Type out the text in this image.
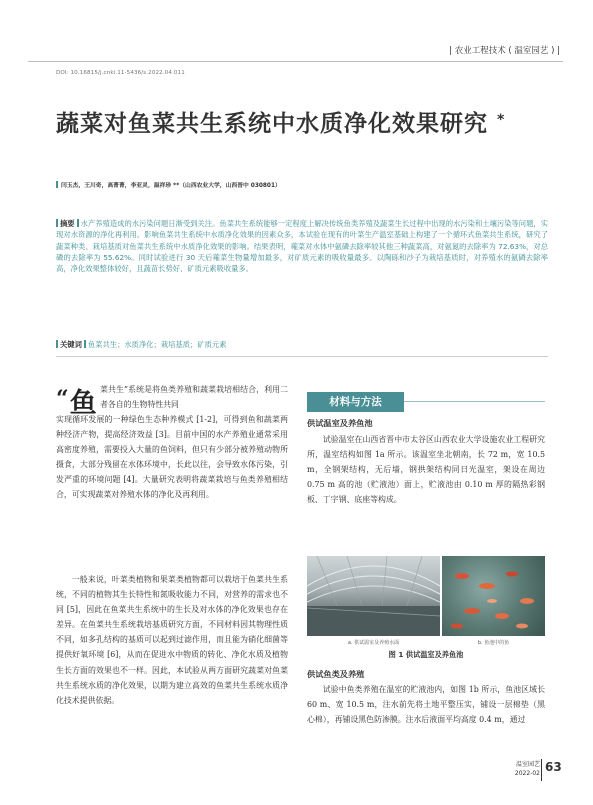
| 农业工程技术 ( 温室园艺 ) |
DOI: 10.16815/j.cnki.11-5436/s.2022.04.011
蔬菜对鱼菜共生系统中水质净化效果研究 *
闫玉杰，王川奇，高菁菁，李亚灵，温祥珍 **（山西农业大学，山西晋中 030801）
摘要 水产养殖造成的水污染问题日渐受到关注。鱼菜共生系统能够一定程度上解决传统鱼类养殖及蔬菜生长过程中出现的水污染和土壤污染等问题，实现对水资源的净化再利用。影响鱼菜共生系统中水质净化效果的因素众多，本试验在现有的叶菜生产温室基础上构建了一个循环式鱼菜共生系统，研究了蔬菜种类、栽培基质对鱼菜共生系统中水质净化效果的影响。结果表明，蕹菜对水体中氨磷去除率较其他三种蔬菜高，对氨氮的去除率为 72.63%，对总磷的去除率为 55.62%。同时试验进行 30 天后蕹菜生物量增加最多，对矿质元素的吸收量最多。以陶砾和沙子为栽培基质时，对养殖水的氨磷去除率高，净化效果整体较好，且蔬苗长势好、矿质元素吸收量多。
关键词 鱼菜共生；水质净化；栽培基质；矿质元素
“鱼 菜共生”系统是将鱼类养殖和蔬菜栽培相结合，利用二者各自的生物特性共同
实现循环发展的一种绿色生态种养模式 [1-2]，可得到鱼和蔬菜两种经济产物，提高经济效益 [3]。目前中国的水产养殖业通常采用高密度养殖，需要投入大量的鱼饲料，但只有少部分被养殖动物所摄食，大部分残留在水体环境中，长此以往，会导致水体污染，引发严重的环境问题 [4]。大量研究表明将蔬菜栽培与鱼类养殖相结合，可实现蔬菜对养殖水体的净化及再利用。
一般来说，叶菜类植物和果菜类植物都可以栽培于鱼菜共生系统，不同的植物其生长特性和氮吸收能力不同，对营养的需求也不同 [5]，因此在鱼菜共生系统中的生长及对水体的净化效果也存在差异。在鱼菜共生系统栽培基质研究方面，不同材料因其物理性质不同，如多孔结构的基质可以起到过滤作用，而且能为硝化细菌等提供好氧环境 [6]，从而在促进水中物质的转化、净化水质及植物生长方面的效果也不一样。因此，本试验从两方面研究蔬菜对鱼菜共生系统水质的净化效果，以期为建立高效的鱼菜共生系统水质净化技术提供依据。
材料与方法
供试温室及养鱼池
试验温室在山西省晋中市太谷区山西农业大学设施农业工程研究所，温室结构如图 1a 所示。该温室坐北朝南，长 72 m，宽 10.5 m，全钢架结构，无后墙，钢拱架结构同日光温室，架设在周边 0.75 m 高的池（贮液池）面上，贮液池由 0.10 m 厚的隔热彩钢板、丁字钢、底座等构成。
a. 供试温室及养殖水面	b. 鱼池中的鱼
图 1 供试温室及养鱼池
供试鱼类及养殖
试验中鱼类养殖在温室的贮液池内，如图 1b 所示，鱼池区域长 60 m、宽 10.5 m，注水前先将土地平整压实，铺设一层棉垫（黑心棉），再铺设黑色防渗膜。注水后液面平均高度 0.4 m，通过
温室园艺
2022-02 63
